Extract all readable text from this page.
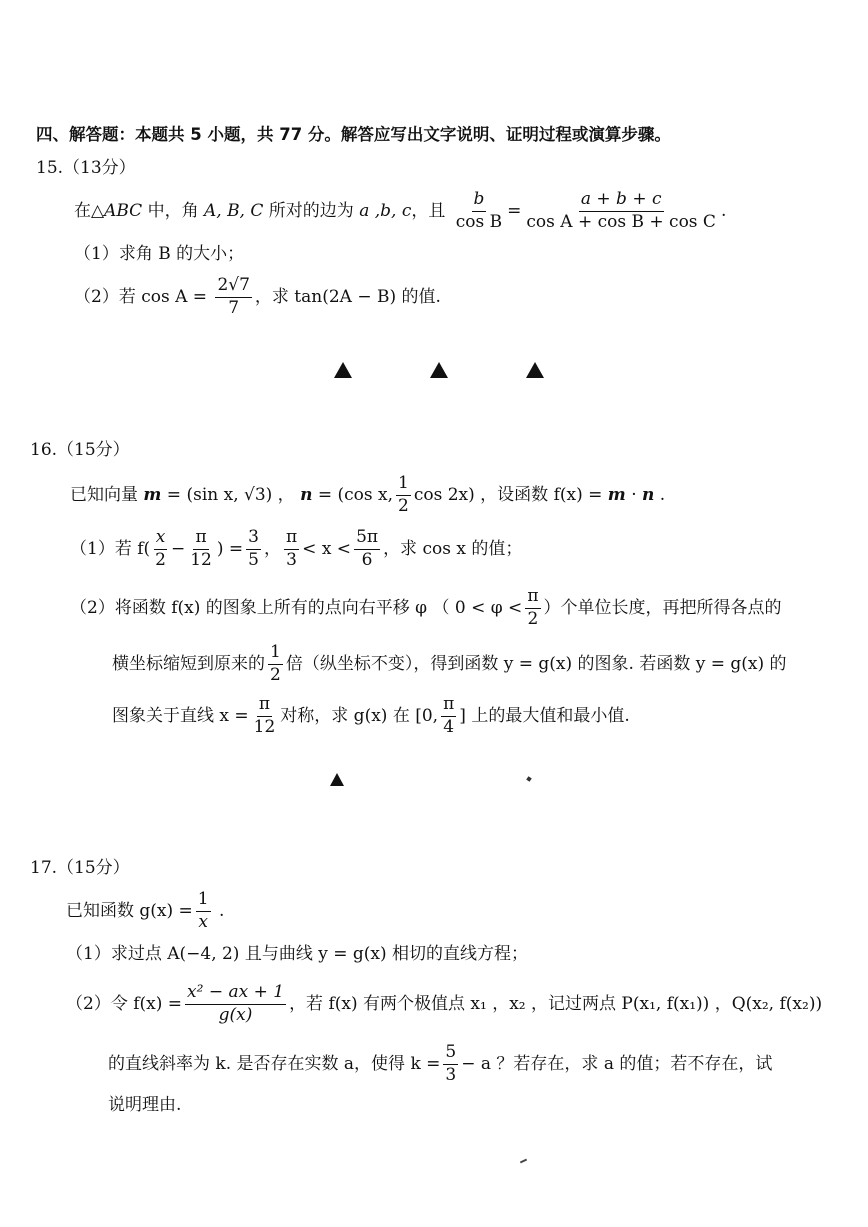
四、解答题：本题共 5 小题，共 77 分。解答应写出文字说明、证明过程或演算步骤。
15.（13分）
在△ABC 中，角 A, B, C 所对的边为 a ,b, c，且 $\frac{b}{\text{cos B}} = \frac{a + b + c}{\text{cos A + cos B + cos C}}$ .
（1）求角 B 的大小；
（2）若 $\cos A = \frac{2√7}{7}$ ，求 tan(2A − B) 的值.
16.（15分）
已知向量 m = (sin x, √3) ， n = (cos x, $\frac{1}{2}$ cos 2x) ，设函数 f(x) = m · n .
（1）若 $f( \frac{x}{2} - \frac{\pi}{12}$ ) = $\frac{3}{5}$ ， $\frac{\pi}{3} < x < \frac{5\pi}{6}$ ，求 cos x 的值；
（2）将函数 f(x) 的图象上所有的点向右平移 φ （ $0 < \varphi < \frac{\pi}{2}$ ）个单位长度，再把所得各点的
横坐标缩短到原来的 $\frac{1}{2}$ 倍（纵坐标不变），得到函数 y = g(x) 的图象. 若函数 y = g(x) 的
图象关于直线 $x = \frac{\pi}{12}$ 对称，求 g(x) 在 [0, $\frac{\pi}{4}$ ] 上的最大值和最小值.
17.（15分）
已知函数 $g(x) = \frac{1}{x}$ .
（1）求过点 A(−4, 2) 且与曲线 y = g(x) 相切的直线方程；
（2）令 $f(x) = \frac{\text{x² − ax + 1}}{g(x)}$ ，若 f(x) 有两个极值点 x₁ ，x₂ ，记过两点 P(x₁, f(x₁)) ，Q(x₂, f(x₂))
的直线斜率为 k. 是否存在实数 a，使得 $k = \frac{5}{3} - a$ ？若存在，求 a 的值；若不存在，试
说明理由.
